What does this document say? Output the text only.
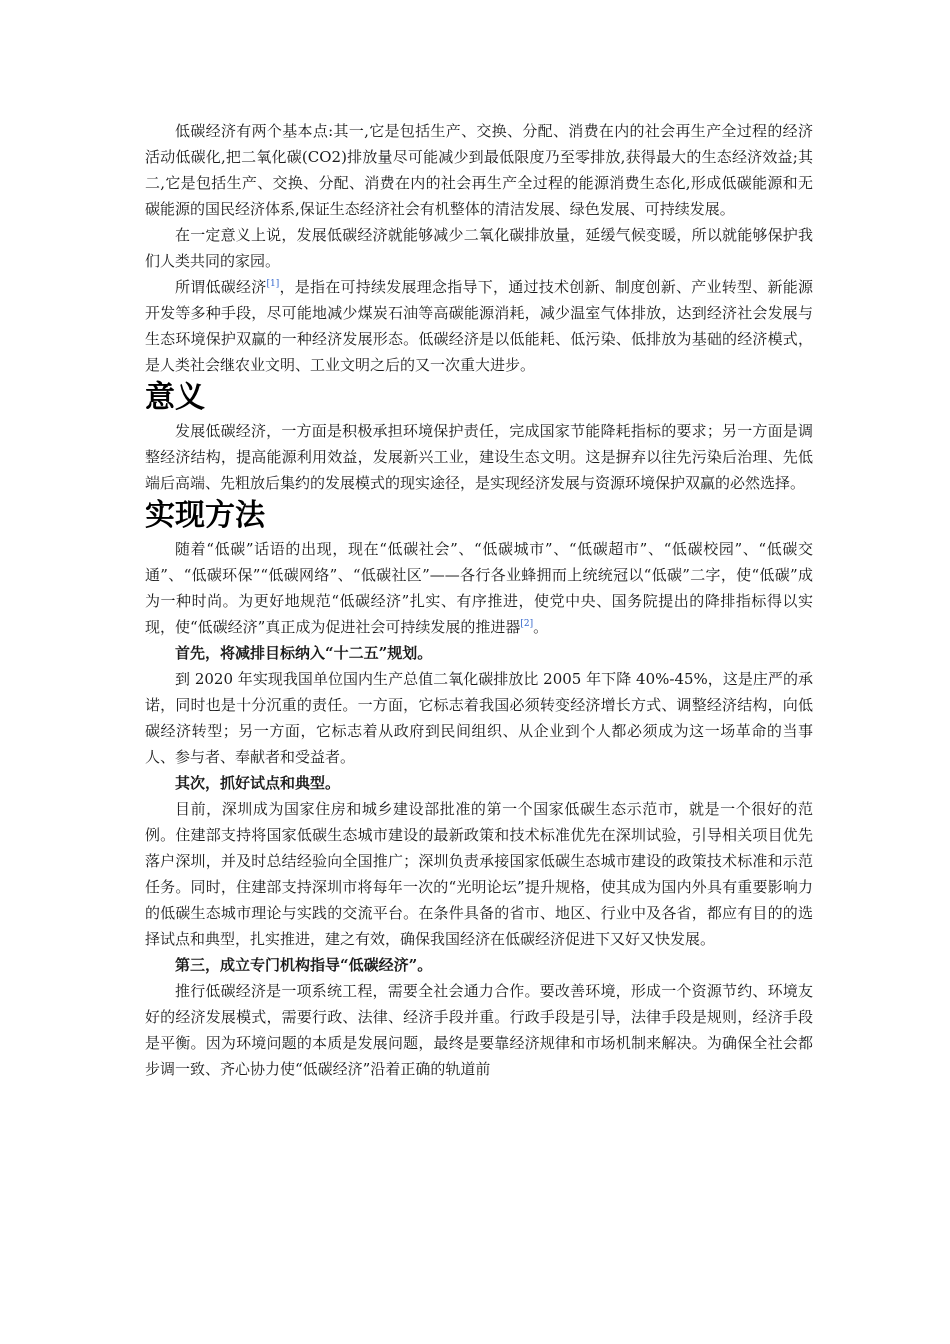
低碳经济有两个基本点:其一,它是包括生产、交换、分配、消费在内的社会再生产全过程的经济活动低碳化,把二氧化碳(CO2)排放量尽可能减少到最低限度乃至零排放,获得最大的生态经济效益;其二,它是包括生产、交换、分配、消费在内的社会再生产全过程的能源消费生态化,形成低碳能源和无碳能源的国民经济体系,保证生态经济社会有机整体的清洁发展、绿色发展、可持续发展。

在一定意义上说，发展低碳经济就能够减少二氧化碳排放量，延缓气候变暖，所以就能够保护我们人类共同的家园。

所谓低碳经济[1]，是指在可持续发展理念指导下，通过技术创新、制度创新、产业转型、新能源开发等多种手段，尽可能地减少煤炭石油等高碳能源消耗，减少温室气体排放，达到经济社会发展与生态环境保护双赢的一种经济发展形态。低碳经济是以低能耗、低污染、低排放为基础的经济模式，是人类社会继农业文明、工业文明之后的又一次重大进步。

意义

发展低碳经济，一方面是积极承担环境保护责任，完成国家节能降耗指标的要求；另一方面是调整经济结构，提高能源利用效益，发展新兴工业，建设生态文明。这是摒弃以往先污染后治理、先低端后高端、先粗放后集约的发展模式的现实途径，是实现经济发展与资源环境保护双赢的必然选择。

实现方法

随着“低碳”话语的出现，现在“低碳社会”、“低碳城市”、“低碳超市”、“低碳校园”、“低碳交通”、“低碳环保”“低碳网络”、“低碳社区”——各行各业蜂拥而上统统冠以“低碳”二字，使“低碳”成为一种时尚。为更好地规范“低碳经济”扎实、有序推进，使党中央、国务院提出的降排指标得以实现，使“低碳经济”真正成为促进社会可持续发展的推进器[2]。

首先，将减排目标纳入“十二五”规划。

到 2020 年实现我国单位国内生产总值二氧化碳排放比 2005 年下降 40%-45%，这是庄严的承诺，同时也是十分沉重的责任。一方面，它标志着我国必须转变经济增长方式、调整经济结构，向低碳经济转型；另一方面，它标志着从政府到民间组织、从企业到个人都必须成为这一场革命的当事人、参与者、奉献者和受益者。

其次，抓好试点和典型。

目前，深圳成为国家住房和城乡建设部批准的第一个国家低碳生态示范市，就是一个很好的范例。住建部支持将国家低碳生态城市建设的最新政策和技术标准优先在深圳试验，引导相关项目优先落户深圳，并及时总结经验向全国推广；深圳负责承接国家低碳生态城市建设的政策技术标准和示范任务。同时，住建部支持深圳市将每年一次的“光明论坛”提升规格，使其成为国内外具有重要影响力的低碳生态城市理论与实践的交流平台。在条件具备的省市、地区、行业中及各省，都应有目的的选择试点和典型，扎实推进，建之有效，确保我国经济在低碳经济促进下又好又快发展。

第三，成立专门机构指导“低碳经济”。

推行低碳经济是一项系统工程，需要全社会通力合作。要改善环境，形成一个资源节约、环境友好的经济发展模式，需要行政、法律、经济手段并重。行政手段是引导，法律手段是规则，经济手段是平衡。因为环境问题的本质是发展问题，最终是要靠经济规律和市场机制来解决。为确保全社会都步调一致、齐心协力使“低碳经济”沿着正确的轨道前
